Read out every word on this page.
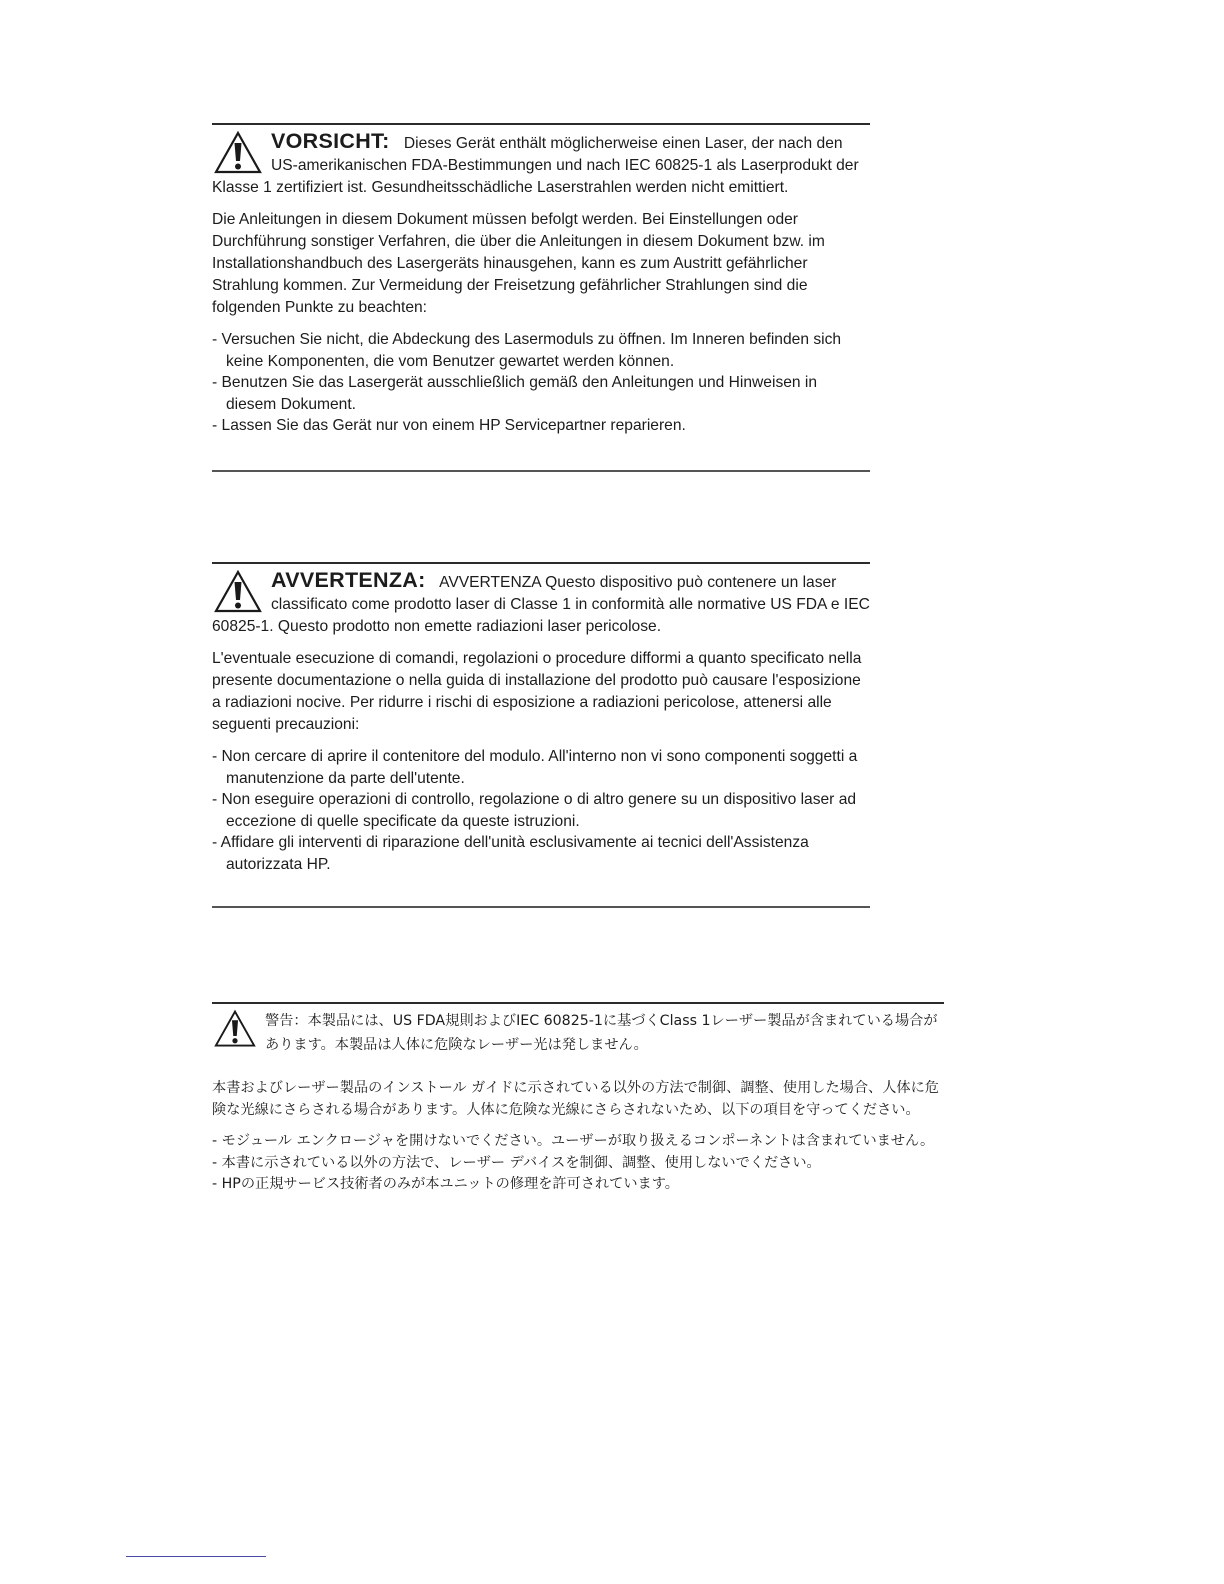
VORSICHT: Dieses Gerät enthält möglicherweise einen Laser, der nach den US-amerikanischen FDA-Bestimmungen und nach IEC 60825-1 als Laserprodukt der Klasse 1 zertifiziert ist. Gesundheitsschädliche Laserstrahlen werden nicht emittiert.

Die Anleitungen in diesem Dokument müssen befolgt werden. Bei Einstellungen oder Durchführung sonstiger Verfahren, die über die Anleitungen in diesem Dokument bzw. im Installationshandbuch des Lasergeräts hinausgehen, kann es zum Austritt gefährlicher Strahlung kommen. Zur Vermeidung der Freisetzung gefährlicher Strahlungen sind die folgenden Punkte zu beachten:

- Versuchen Sie nicht, die Abdeckung des Lasermoduls zu öffnen. Im Inneren befinden sich keine Komponenten, die vom Benutzer gewartet werden können.
- Benutzen Sie das Lasergerät ausschließlich gemäß den Anleitungen und Hinweisen in diesem Dokument.
- Lassen Sie das Gerät nur von einem HP Servicepartner reparieren.
AVVERTENZA: AVVERTENZA Questo dispositivo può contenere un laser classificato come prodotto laser di Classe 1 in conformità alle normative US FDA e IEC 60825-1. Questo prodotto non emette radiazioni laser pericolose.

L'eventuale esecuzione di comandi, regolazioni o procedure difformi a quanto specificato nella presente documentazione o nella guida di installazione del prodotto può causare l'esposizione a radiazioni nocive. Per ridurre i rischi di esposizione a radiazioni pericolose, attenersi alle seguenti precauzioni:

- Non cercare di aprire il contenitore del modulo. All'interno non vi sono componenti soggetti a manutenzione da parte dell'utente.
- Non eseguire operazioni di controllo, regolazione o di altro genere su un dispositivo laser ad eccezione di quelle specificate da queste istruzioni.
- Affidare gli interventi di riparazione dell'unità esclusivamente ai tecnici dell'Assistenza autorizzata HP.
警告：本製品には、US FDA規則およびIEC 60825-1に基づくClass 1レーザー製品が含まれている場合があります。本製品は人体に危険なレーザー光は発しません。

本書およびレーザー製品のインストール ガイドに示されている以外の方法で制御、調整、使用した場合、人体に危険な光線にさらされる場合があります。人体に危険な光線にさらされないため、以下の項目を守ってください。

- モジュール エンクロージャを開けないでください。ユーザーが取り扱えるコンポーネントは含まれていません。
- 本書に示されている以外の方法で、レーザー デバイスを制御、調整、使用しないでください。
- HPの正規サービス技術者のみが本ユニットの修理を許可されています。
